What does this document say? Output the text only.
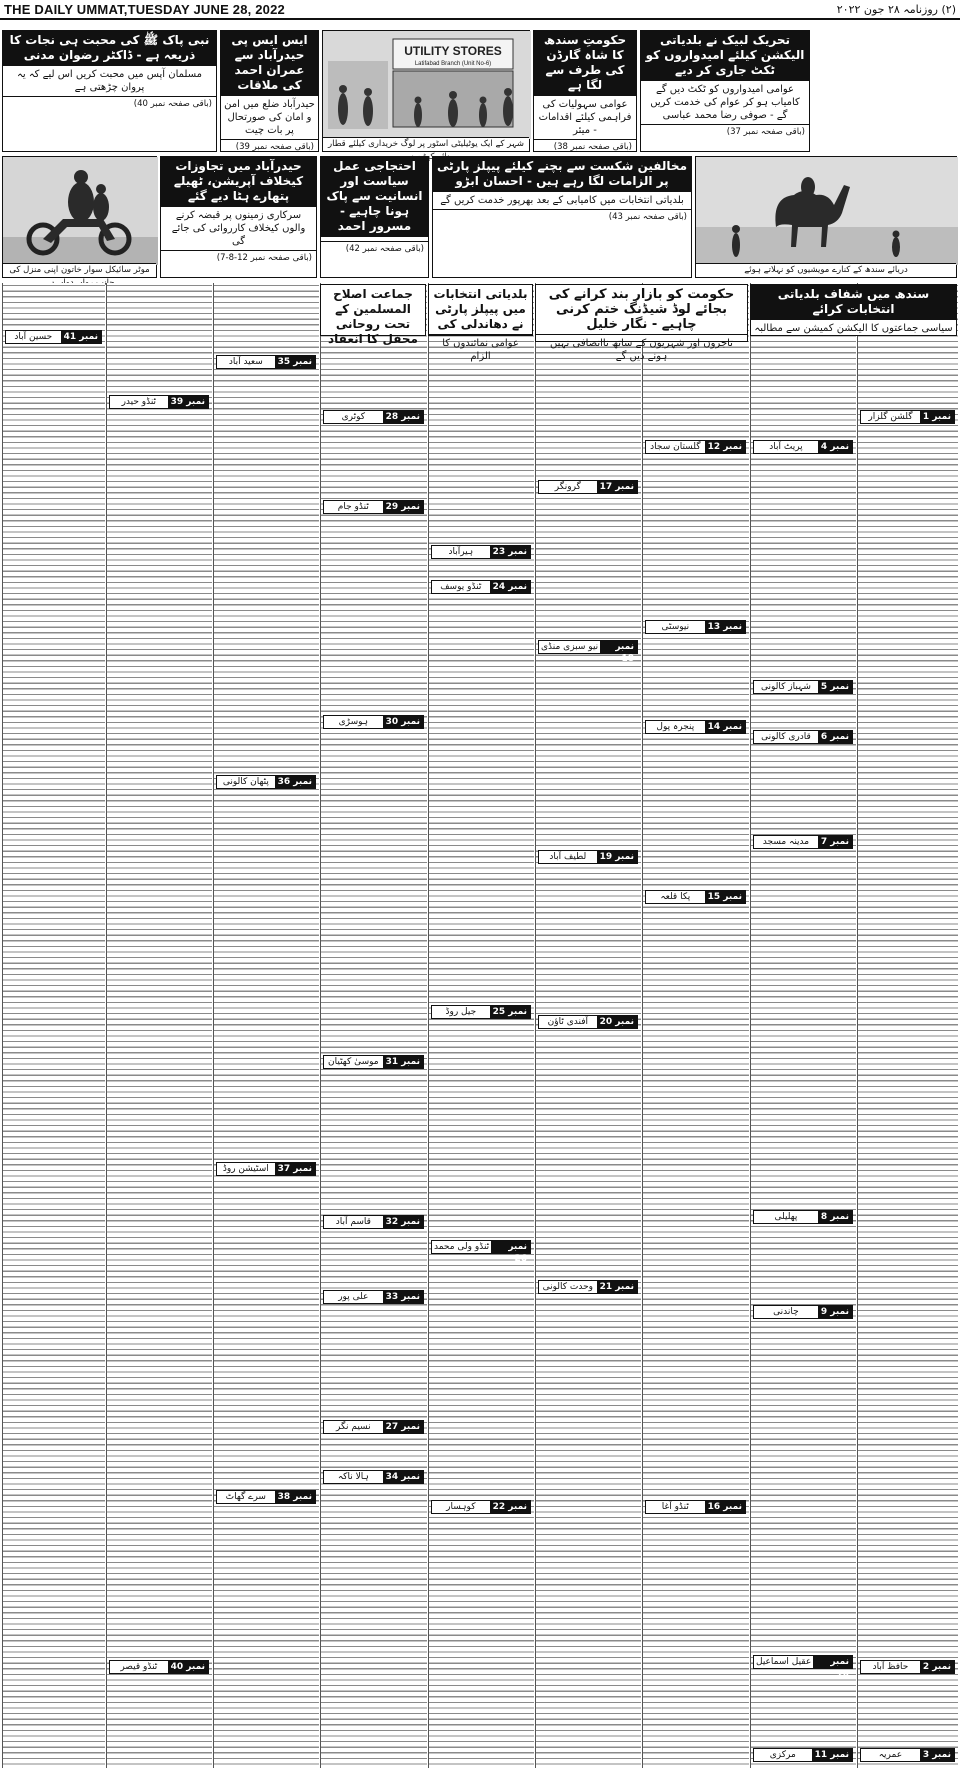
THE DAILY UMMAT,TUESDAY JUNE 28, 2022	(۲) روزنامہ ۲۸ جون ۲۰۲۲
تحریک لبیک نے بلدیاتی الیکشن کیلئے امیدواروں کو ٹکٹ جاری کر دیے
عوامی امیدواروں کو ٹکٹ دیں گے کامیاب ہو کر عوام کی خدمت کریں گے - صوفی رضا محمد عباسی
(باقی صفحہ نمبر 37)
حکومتِ سندھ کا شاہ گارڈن کی طرف سے لگا ہے
عوامی سہولیات کی فراہمی کیلئے اقدامات - میئر
(باقی صفحہ نمبر 38)
UTILITY STORES
Latifabad Branch (Unit No-6)
شہر کے ایک یوٹیلیٹی اسٹور پر لوگ خریداری کیلئے قطار
ایس ایس پی حیدرآباد سے عمران احمد کی ملاقات
حیدرآباد ضلع میں امن و امان کی صورتحال پر بات چیت
(باقی صفحہ نمبر 39)
نبی پاک ﷺ کی محبت ہی نجات کا ذریعہ ہے - ڈاکٹر رضوان مدنی
مسلمان آپس میں محبت کریں اس لیے کہ یہ پروان چڑھتی ہے
(باقی صفحہ نمبر 40)
دریائے سندھ کے کنارے مویشیوں کو نہلاتے ہوئے
مخالفین شکست سے بچنے کیلئے پیپلز پارٹی پر الزامات لگا رہے ہیں - احسان ابڑو
بلدیاتی انتخابات میں کامیابی کے بعد بھرپور خدمت کریں گے
(باقی صفحہ نمبر 43)
احتجاجی عمل سیاست اور انسانیت سے پاک ہونا چاہیے - مسرور احمد
(باقی صفحہ نمبر 42)
حیدرآباد میں تجاوزات کیخلاف آپریشن، ٹھیلے پتھارے ہٹا دیے گئے
سرکاری زمینوں پر قبضہ کرنے والوں کیخلاف کارروائی کی جائے گی
(باقی صفحہ نمبر 12-8-7)
موٹر سائیکل سوار خاتون اپنی منزل کی
سندھ میں شفاف بلدیاتی انتخابات کرائے
سیاسی جماعتوں کا الیکشن کمیشن سے مطالبہ
حکومت کو بازار بند کرانے کی بجائے لوڈ شیڈنگ ختم کرنی چاہیے - نگار خلیل
تاجروں اور شہریوں کے ساتھ ناانصافی نہیں ہونے دیں گے
بلدیاتی انتخابات میں پیپلز پارٹی نے دھاندلی کی
عوامی نمائندوں کا الزام
جماعت اصلاح المسلمین کے تحت روحانی محفل کا انعقاد
نمبر 1
گلشن گلزار
نمبر 2
حافظ آباد
نمبر 3
عمریہ
نمبر 4
پریٹ آباد
نمبر 5
شہباز کالونی
نمبر 6
قادری کالونی
نمبر 7
مدینہ مسجد
نمبر 8
پھلیلی
نمبر 9
چاندنی
نمبر 10
عقیل اسماعیل
نمبر 11
مرکزی
نمبر 12
گلستان سجاد
نمبر 13
نیوسٹی
نمبر 14
پنجرہ پول
نمبر 15
پکا قلعہ
نمبر 16
ٹنڈو آغا
نمبر 17
گرونگر
نمبر 18
نیو سبزی منڈی
نمبر 19
لطیف آباد
نمبر 20
آفندی ٹاؤن
نمبر 21
وحدت کالونی
نمبر 22
کوہسار
نمبر 23
ہیرآباد
نمبر 24
ٹنڈو یوسف
نمبر 25
جیل روڈ
نمبر 26
ٹنڈو ولی محمد
نمبر 27
نسیم نگر
نمبر 28
کوٹری
نمبر 29
ٹنڈو جام
نمبر 30
ہوسڑی
نمبر 31
موسیٰ کھٹیان
نمبر 32
قاسم آباد
نمبر 33
علی پور
نمبر 34
ہالا ناکہ
نمبر 35
سعید آباد
نمبر 36
پٹھان کالونی
نمبر 37
اسٹیشن روڈ
نمبر 38
سرے گھاٹ
نمبر 39
ٹنڈو حیدر
نمبر 40
ٹنڈو قیصر
نمبر 41
حسین آباد
